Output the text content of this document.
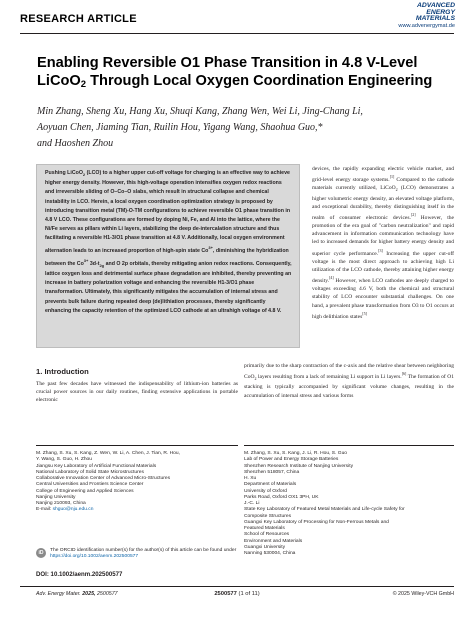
RESEARCH ARTICLE
ADVANCED
ENERGY
MATERIALS
www.advenergymat.de
Enabling Reversible O1 Phase Transition in 4.8 V-Level
LiCoO$_2$ Through Local Oxygen Coordination Engineering
Min Zhang, Sheng Xu, Hang Xu, Shuqi Kang, Zhang Wen, Wei Li, Jing-Chang Li,
Aoyuan Chen, Jiaming Tian, Ruilin Hou, Yigang Wang, Shaohua Guo,*
and Haoshen Zhou
Pushing LiCoO$_2$ (LCO) to a higher upper cut-off voltage for charging is an effective way to achieve higher energy density. However, this high-voltage operation intensifies oxygen redox reactions and irreversible sliding of O–Co–O slabs, which result in structural collapse and chemical instability in LCO. Herein, a local oxygen coordination optimization strategy is proposed by introducing transition metal (TM)-O-TM configurations to achieve reversible O1 phase transition in 4.8 V LCO. These configurations are formed by doping Ni, Fe, and Al into the lattice, where the Ni/Fe serves as pillars within Li layers, stabilizing the deep de-intercalation structure and thus facilitating a reversible H1-3/O1 phase transition at 4.8 V. Additionally, local oxygen environment alternation leads to an increased proportion of high-spin state $Co^{3+}$, diminishing the hybridization between the $Co^{3+}$ $3d-t_{2g}$ and O 2p orbitals, thereby mitigating anion redox reactions. Consequently, lattice oxygen loss and detrimental surface phase degradation are inhibited, thereby preventing an increase in battery polarization voltage and enhancing the reversible H1-3/O1 phase transformation. Ultimately, this significantly mitigates the accumulation of internal stress and prevents bulk failure during repeated deep (de)lithiation processes, thereby significantly enhancing the capacity retention of the optimized LCO cathode at an ultrahigh voltage of 4.8 V.
devices, the rapidly expanding electric vehicle market, and grid-level energy storage systems.[1] Compared to the cathode materials currently utilized, LiCoO$_2$ (LCO) demonstrates a higher volumetric energy density, an elevated voltage platform, and exceptional durability, thereby distinguishing itself in the realm of consumer electronic devices.[2] However, the promotion of the era goal of "carbon neutralization" and rapid advancement in information communication technology have led to increased demands for higher battery energy density and superior cycle performance.[3] Increasing the upper cut-off voltage is the most direct approach to achieving high Li utilization of the LCO cathode, thereby attaining higher energy density.[4] However, when LCO cathodes are deeply charged to voltages exceeding 4.6 V, both the chemical and structural stability of LCO encounter substantial challenges. On one hand, a prevalent phase transformation from O3 to O1 occurs at high delithiation states[5]
primarily due to the sharp contraction of the c-axis and the relative shear between neighboring CoO$_2$ layers resulting from a lack of remaining Li support in Li layers.[6] The formation of O1 stacking is typically accompanied by significant volume changes, resulting in the accumulation of internal stress and various forms
1. Introduction
The past few decades have witnessed the indispensability of lithium-ion batteries as crucial power sources in our daily routines, finding extensive applications in portable electronic
M. Zhang, S. Xu, S. Kang, Z. Wen, W. Li, A. Chen, J. Tian, R. Hou,
Y. Wang, S. Guo, H. Zhou
Jiangsu Key Laboratory of Artificial Functional Materials
National Laboratory of Solid State Microstructures
Collaborative Innovation Center of Advanced Micro-Structures
Central Universities and Frontiers Science Center
College of Engineering and Applied Sciences
Nanjing University
Nanjing 210093, China
E-mail: shguo@nju.edu.cn
M. Zhang, S. Xu, S. Kang, J. Li, R. Hou, S. Guo
Lab of Power and Energy Storage Batteries
Shenzhen Research Institute of Nanjing University
Shenzhen 518057, China
H. Xu
Department of Materials
University of Oxford
Parks Road, Oxford OX1 3PH, UK
J.-C. Li
State Key Laboratory of Featured Metal Materials and Life-cycle Safety for
Composite Structures
Guangxi Key Laboratory of Processing for Non-Ferrous Metals and
Featured Materials
School of Resources
Environment and Materials
Guangxi University
Nanning 530004, China
iD	The ORCID identification number(s) for the author(s) of this article can be found under https://doi.org/10.1002/aenm.202500577
DOI: 10.1002/aenm.202500577
Adv. Energy Mater. 2025, 2500577	2500577 (1 of 11)	© 2025 Wiley-VCH GmbH
